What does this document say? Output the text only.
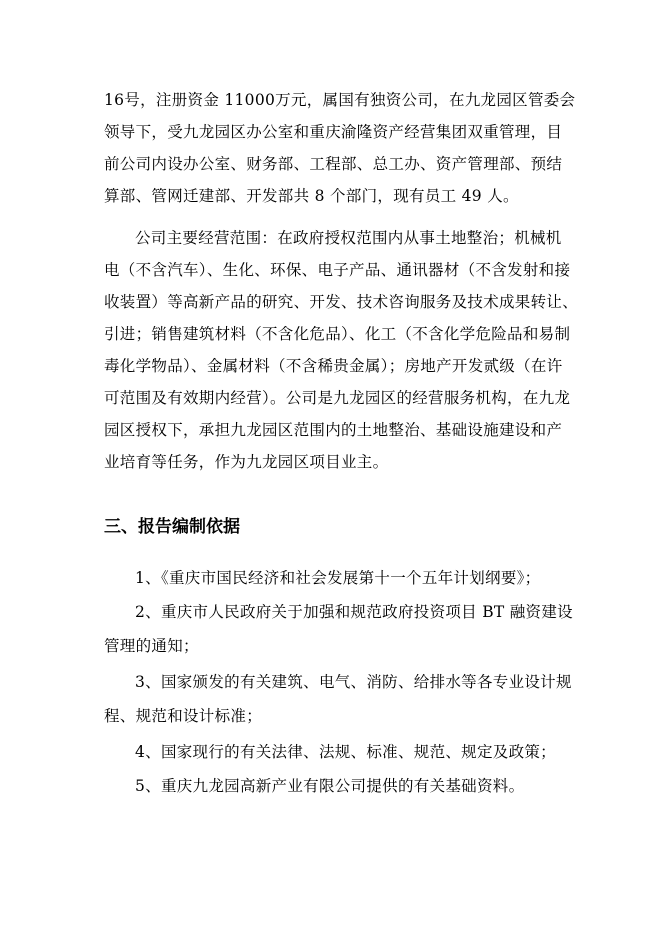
16号，注册资金 11000万元，属国有独资公司，在九龙园区管委会
领导下，受九龙园区办公室和重庆渝隆资产经营集团双重管理，目
前公司内设办公室、财务部、工程部、总工办、资产管理部、预结
算部、管网迁建部、开发部共 8 个部门，现有员工 49 人。
公司主要经营范围：在政府授权范围内从事土地整治；机械机
电（不含汽车）、生化、环保、电子产品、通讯器材（不含发射和接
收装置）等高新产品的研究、开发、技术咨询服务及技术成果转让、
引进；销售建筑材料（不含化危品）、化工（不含化学危险品和易制
毒化学物品）、金属材料（不含稀贵金属）；房地产开发贰级（在许
可范围及有效期内经营）。公司是九龙园区的经营服务机构，在九龙
园区授权下，承担九龙园区范围内的土地整治、基础设施建设和产
业培育等任务，作为九龙园区项目业主。
三、报告编制依据
1、《重庆市国民经济和社会发展第十一个五年计划纲要》；
2、重庆市人民政府关于加强和规范政府投资项目 BT 融资建设
管理的通知；
3、国家颁发的有关建筑、电气、消防、给排水等各专业设计规
程、规范和设计标准；
4、国家现行的有关法律、法规、标准、规范、规定及政策；
5、重庆九龙园高新产业有限公司提供的有关基础资料。
